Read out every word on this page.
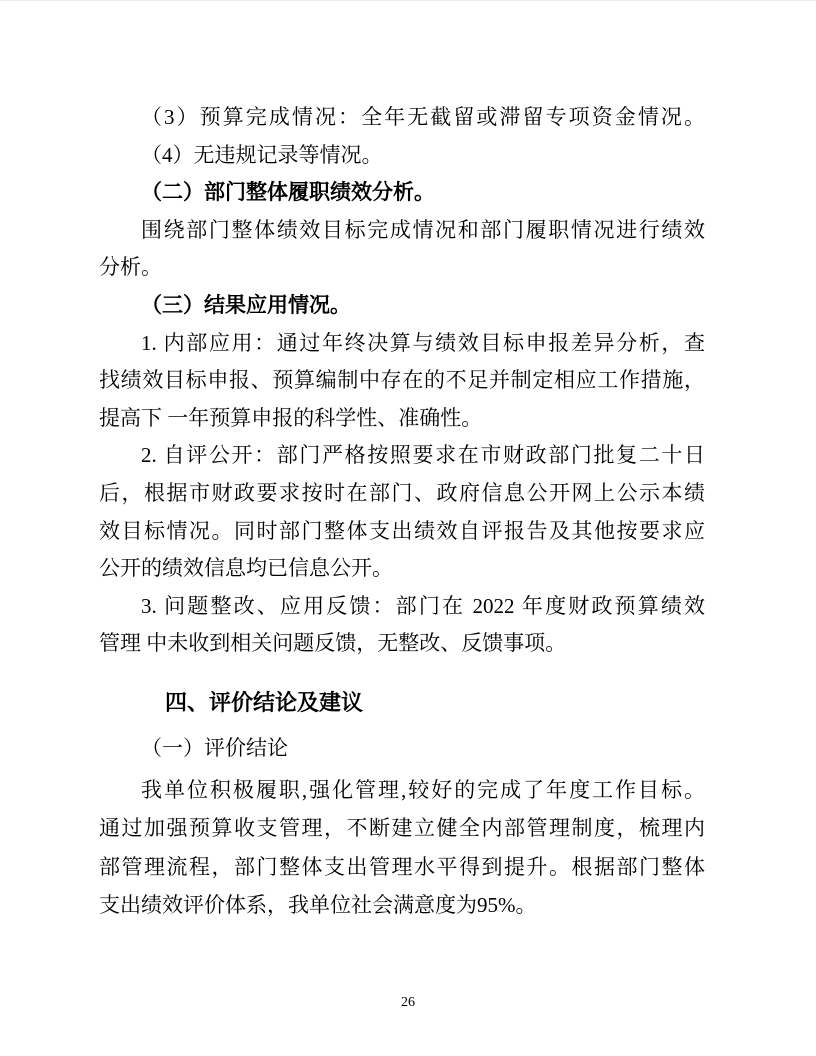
（3）预算完成情况：全年无截留或滞留专项资金情况。
（4）无违规记录等情况。
（二）部门整体履职绩效分析。
围绕部门整体绩效目标完成情况和部门履职情况进行绩效
分析。
（三）结果应用情况。
1. 内部应用：通过年终决算与绩效目标申报差异分析，查
找绩效目标申报、预算编制中存在的不足并制定相应工作措施，
提高下 一年预算申报的科学性、准确性。
2. 自评公开：部门严格按照要求在市财政部门批复二十日
后，根据市财政要求按时在部门、政府信息公开网上公示本绩
效目标情况。同时部门整体支出绩效自评报告及其他按要求应
公开的绩效信息均已信息公开。
3. 问题整改、应用反馈：部门在 2022 年度财政预算绩效
管理 中未收到相关问题反馈，无整改、反馈事项。
四、评价结论及建议
（一）评价结论
我单位积极履职,强化管理,较好的完成了年度工作目标。
通过加强预算收支管理，不断建立健全内部管理制度，梳理内
部管理流程，部门整体支出管理水平得到提升。根据部门整体
支出绩效评价体系，我单位社会满意度为95%。
26
